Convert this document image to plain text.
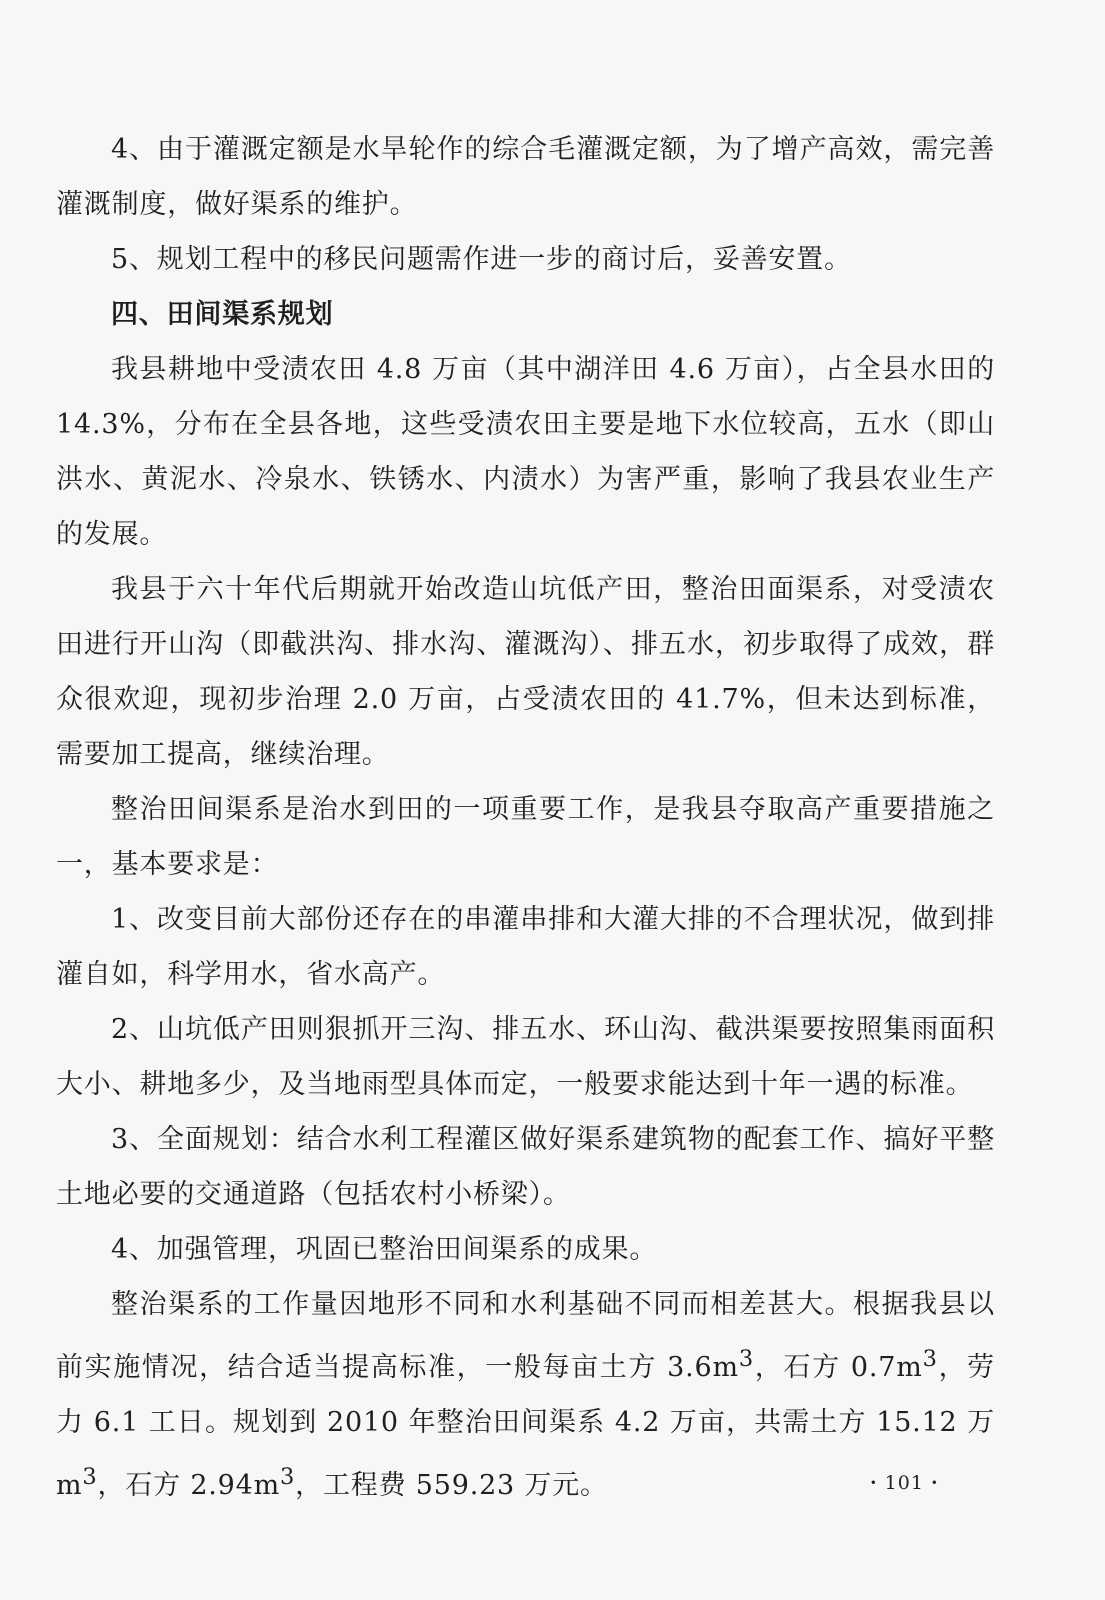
4、由于灌溉定额是水旱轮作的综合毛灌溉定额，为了增产高效，需完善灌溉制度，做好渠系的维护。

5、规划工程中的移民问题需作进一步的商讨后，妥善安置。

四、田间渠系规划

我县耕地中受渍农田 4.8 万亩（其中湖洋田 4.6 万亩），占全县水田的 14.3%，分布在全县各地，这些受渍农田主要是地下水位较高，五水（即山洪水、黄泥水、冷泉水、铁锈水、内渍水）为害严重，影响了我县农业生产的发展。

我县于六十年代后期就开始改造山坑低产田，整治田面渠系，对受渍农田进行开山沟（即截洪沟、排水沟、灌溉沟）、排五水，初步取得了成效，群众很欢迎，现初步治理 2.0 万亩，占受渍农田的 41.7%，但未达到标准，需要加工提高，继续治理。

整治田间渠系是治水到田的一项重要工作，是我县夺取高产重要措施之一，基本要求是：

1、改变目前大部份还存在的串灌串排和大灌大排的不合理状况，做到排灌自如，科学用水，省水高产。

2、山坑低产田则狠抓开三沟、排五水、环山沟、截洪渠要按照集雨面积大小、耕地多少，及当地雨型具体而定，一般要求能达到十年一遇的标准。

3、全面规划：结合水利工程灌区做好渠系建筑物的配套工作、搞好平整土地必要的交通道路（包括农村小桥梁）。

4、加强管理，巩固已整治田间渠系的成果。

整治渠系的工作量因地形不同和水利基础不同而相差甚大。根据我县以前实施情况，结合适当提高标准，一般每亩土方 $3.6m^3$，石方 $0.7m^3$，劳力 6.1 工日。规划到 2010 年整治田间渠系 4.2 万亩，共需土方 15.12 万 $m^3$，石方 $2.94m^3$，工程费 559.23 万元。	· 101 ·
